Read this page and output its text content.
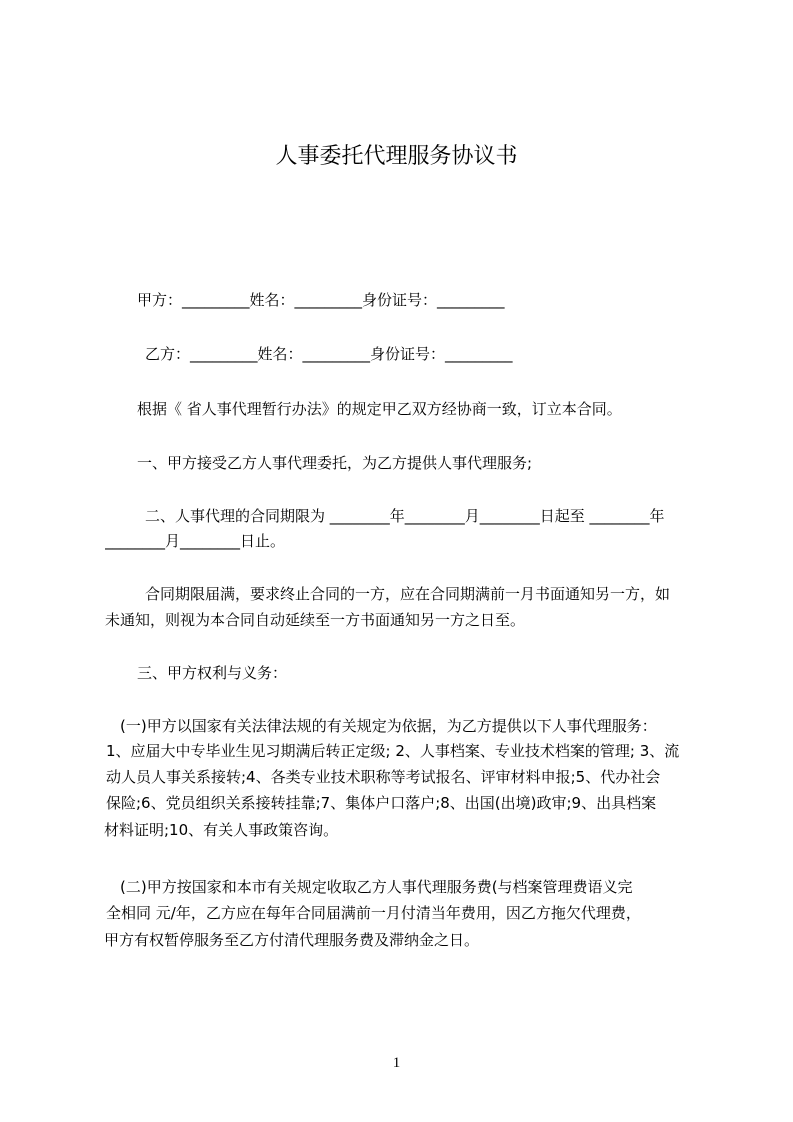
人事委托代理服务协议书
甲方：_________姓名：_________身份证号：_________
乙方：_________姓名：_________身份证号：_________
根据《 省人事代理暂行办法》的规定甲乙双方经协商一致，订立本合同。
一、甲方接受乙方人事代理委托，为乙方提供人事代理服务;
二、人事代理的合同期限为 ________年________月________日起至 ________年
________月________日止。
合同期限届满，要求终止合同的一方，应在合同期满前一月书面通知另一方，如
未通知，则视为本合同自动延续至一方书面通知另一方之日至。
三、甲方权利与义务：
(一)甲方以国家有关法律法规的有关规定为依据，为乙方提供以下人事代理服务：
1、应届大中专毕业生见习期满后转正定级; 2、人事档案、专业技术档案的管理; 3、流
动人员人事关系接转;4、各类专业技术职称等考试报名、评审材料申报;5、代办社会
保险;6、党员组织关系接转挂靠;7、集体户口落户;8、出国(出境)政审;9、出具档案
材料证明;10、有关人事政策咨询。
(二)甲方按国家和本市有关规定收取乙方人事代理服务费(与档案管理费语义完
全相同 元/年，乙方应在每年合同届满前一月付清当年费用，因乙方拖欠代理费，
甲方有权暂停服务至乙方付清代理服务费及滞纳金之日。
1
